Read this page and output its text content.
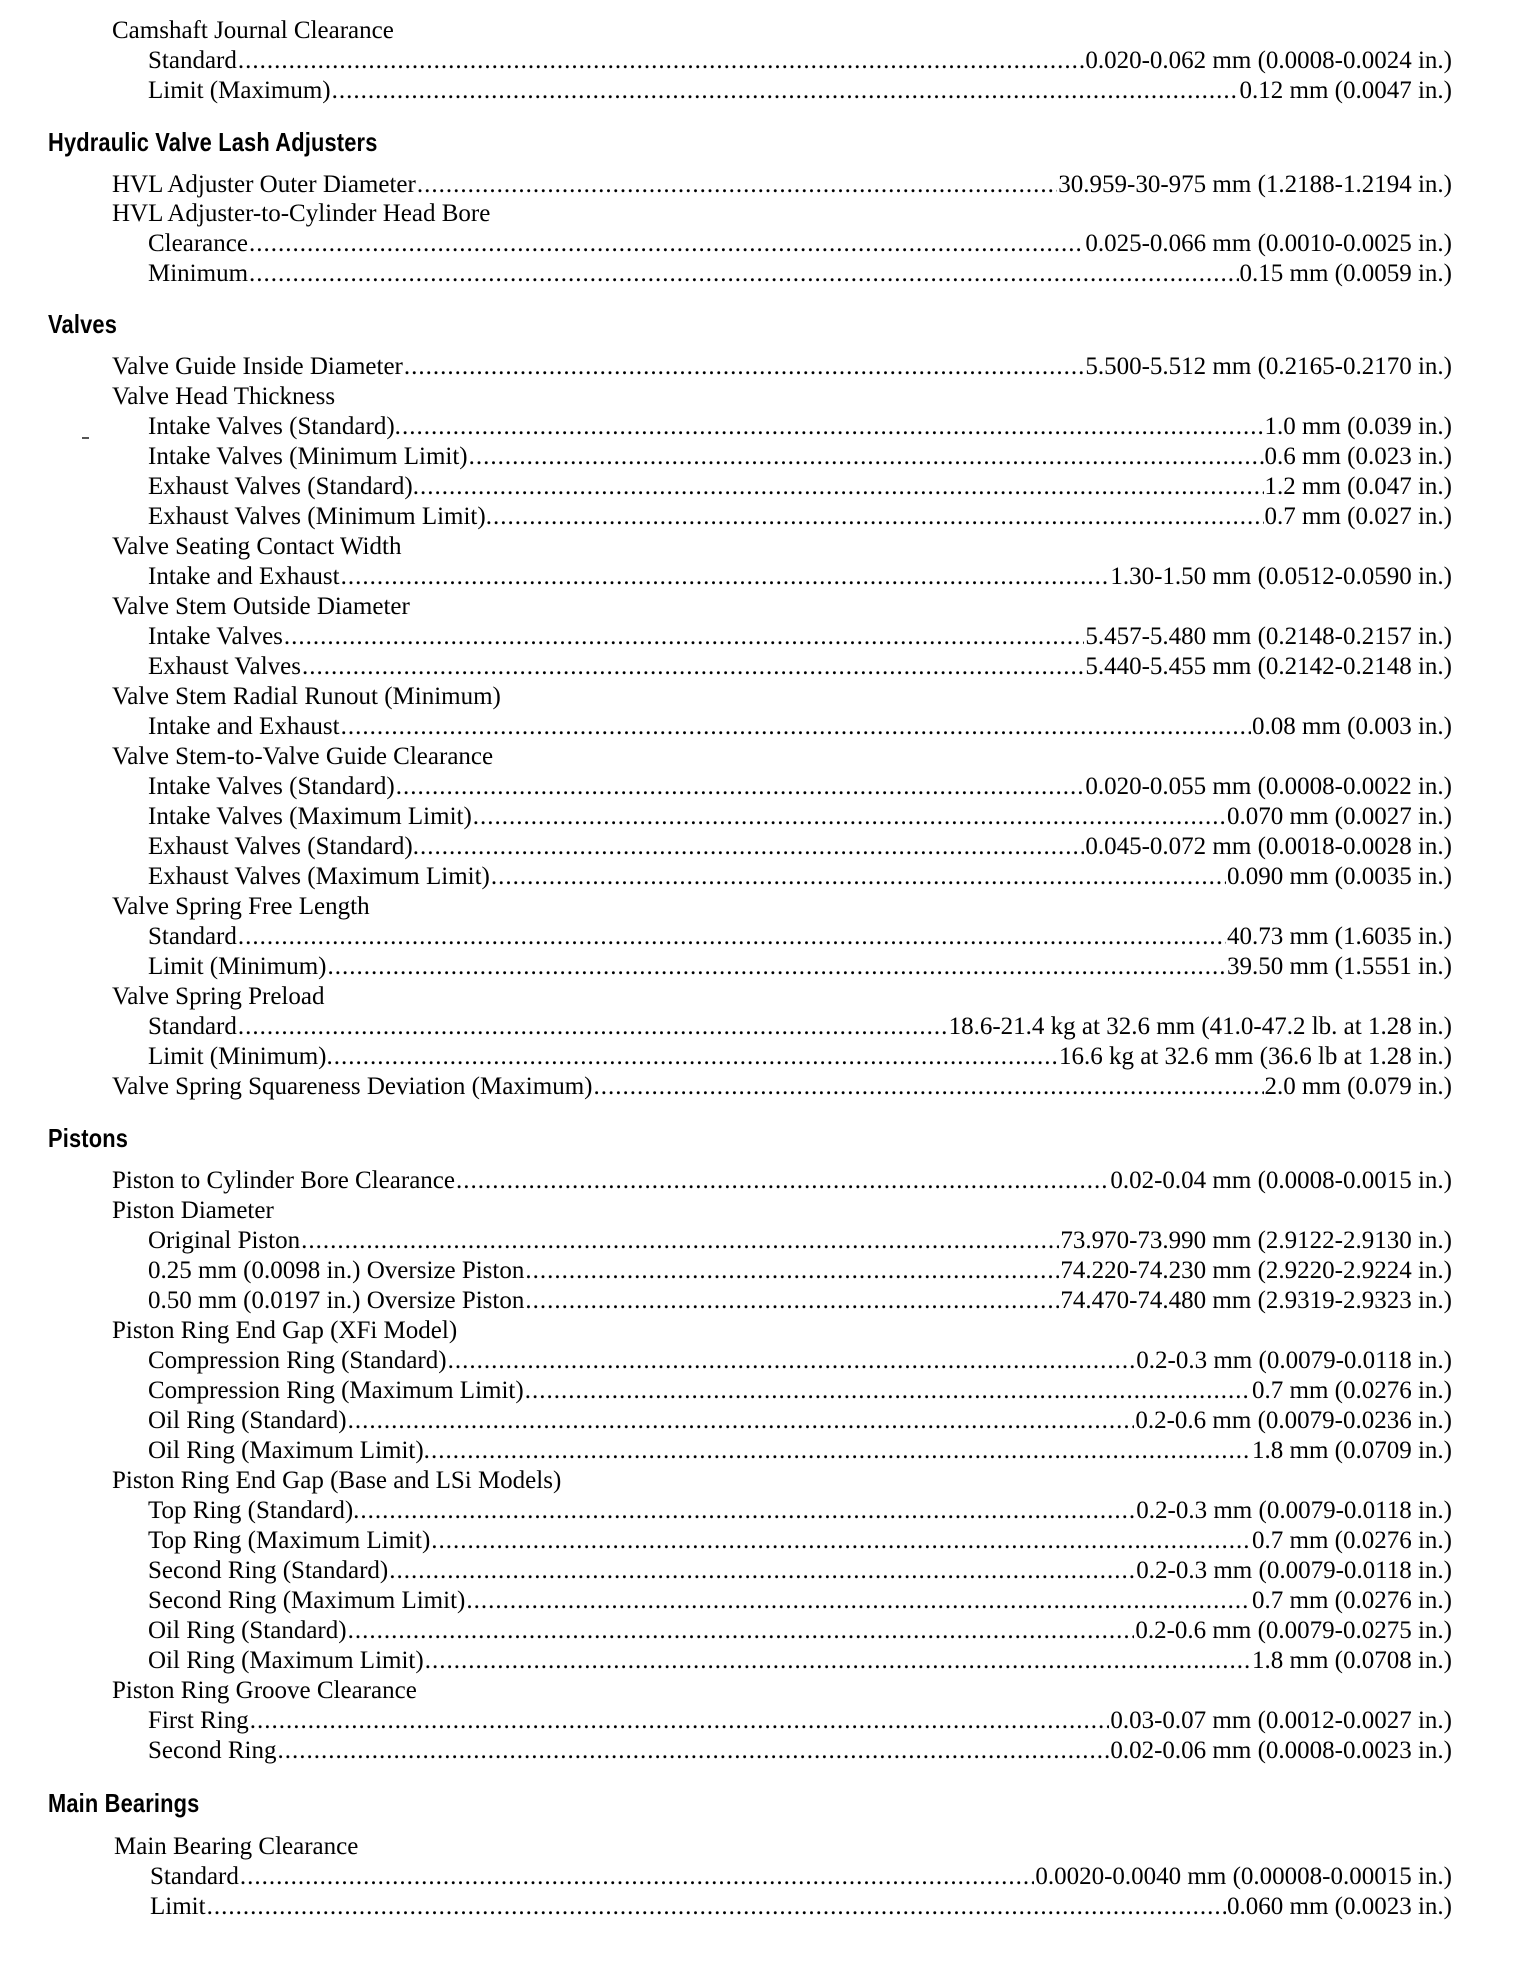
Camshaft Journal Clearance
Standard .....	0.020-0.062 mm (0.0008-0.0024 in.)
Limit (Maximum) .....	0.12 mm (0.0047 in.)
Hydraulic Valve Lash Adjusters
HVL Adjuster Outer Diameter .....	30.959-30-975 mm (1.2188-1.2194 in.)
HVL Adjuster-to-Cylinder Head Bore
Clearance .....	0.025-0.066 mm (0.0010-0.0025 in.)
Minimum .....	0.15 mm (0.0059 in.)
Valves
Valve Guide Inside Diameter .....	5.500-5.512 mm (0.2165-0.2170 in.)
Valve Head Thickness
Intake Valves (Standard). .....	1.0 mm (0.039 in.)
Intake Valves (Minimum Limit) .....	0.6 mm (0.023 in.)
Exhaust Valves (Standard). .....	1.2 mm (0.047 in.)
Exhaust Valves (Minimum Limit). .....	0.7 mm (0.027 in.)
Valve Seating Contact Width
Intake and Exhaust .....	1.30-1.50 mm (0.0512-0.0590 in.)
Valve Stem Outside Diameter
Intake Valves .....	5.457-5.480 mm (0.2148-0.2157 in.)
Exhaust Valves .....	5.440-5.455 mm (0.2142-0.2148 in.)
Valve Stem Radial Runout (Minimum)
Intake and Exhaust .....	0.08 mm (0.003 in.)
Valve Stem-to-Valve Guide Clearance
Intake Valves (Standard) .....	0.020-0.055 mm (0.0008-0.0022 in.)
Intake Valves (Maximum Limit) .....	0.070 mm (0.0027 in.)
Exhaust Valves (Standard). .....	0.045-0.072 mm (0.0018-0.0028 in.)
Exhaust Valves (Maximum Limit) .....	0.090 mm (0.0035 in.)
Valve Spring Free Length
Standard .....	40.73 mm (1.6035 in.)
Limit (Minimum) .....	39.50 mm (1.5551 in.)
Valve Spring Preload
Standard .....	18.6-21.4 kg at 32.6 mm (41.0-47.2 lb. at 1.28 in.)
Limit (Minimum). .....	16.6 kg at 32.6 mm (36.6 lb at 1.28 in.)
Valve Spring Squareness Deviation (Maximum) .....	2.0 mm (0.079 in.)
Pistons
Piston to Cylinder Bore Clearance .....	0.02-0.04 mm (0.0008-0.0015 in.)
Piston Diameter
Original Piston .....	73.970-73.990 mm (2.9122-2.9130 in.)
0.25 mm (0.0098 in.) Oversize Piston .....	74.220-74.230 mm (2.9220-2.9224 in.)
0.50 mm (0.0197 in.) Oversize Piston .....	74.470-74.480 mm (2.9319-2.9323 in.)
Piston Ring End Gap (XFi Model)
Compression Ring (Standard) .....	0.2-0.3 mm (0.0079-0.0118 in.)
Compression Ring (Maximum Limit) .....	0.7 mm (0.0276 in.)
Oil Ring (Standard) .....	0.2-0.6 mm (0.0079-0.0236 in.)
Oil Ring (Maximum Limit). .....	1.8 mm (0.0709 in.)
Piston Ring End Gap (Base and LSi Models)
Top Ring (Standard). .....	0.2-0.3 mm (0.0079-0.0118 in.)
Top Ring (Maximum Limit) .....	0.7 mm (0.0276 in.)
Second Ring (Standard) .....	0.2-0.3 mm (0.0079-0.0118 in.)
Second Ring (Maximum Limit) .....	0.7 mm (0.0276 in.)
Oil Ring (Standard) .....	0.2-0.6 mm (0.0079-0.0275 in.)
Oil Ring (Maximum Limit) .....	1.8 mm (0.0708 in.)
Piston Ring Groove Clearance
First Ring .....	0.03-0.07 mm (0.0012-0.0027 in.)
Second Ring .....	0.02-0.06 mm (0.0008-0.0023 in.)
Main Bearings
Main Bearing Clearance
Standard .....	0.0020-0.0040 mm (0.00008-0.00015 in.)
Limit .....	0.060 mm (0.0023 in.)
